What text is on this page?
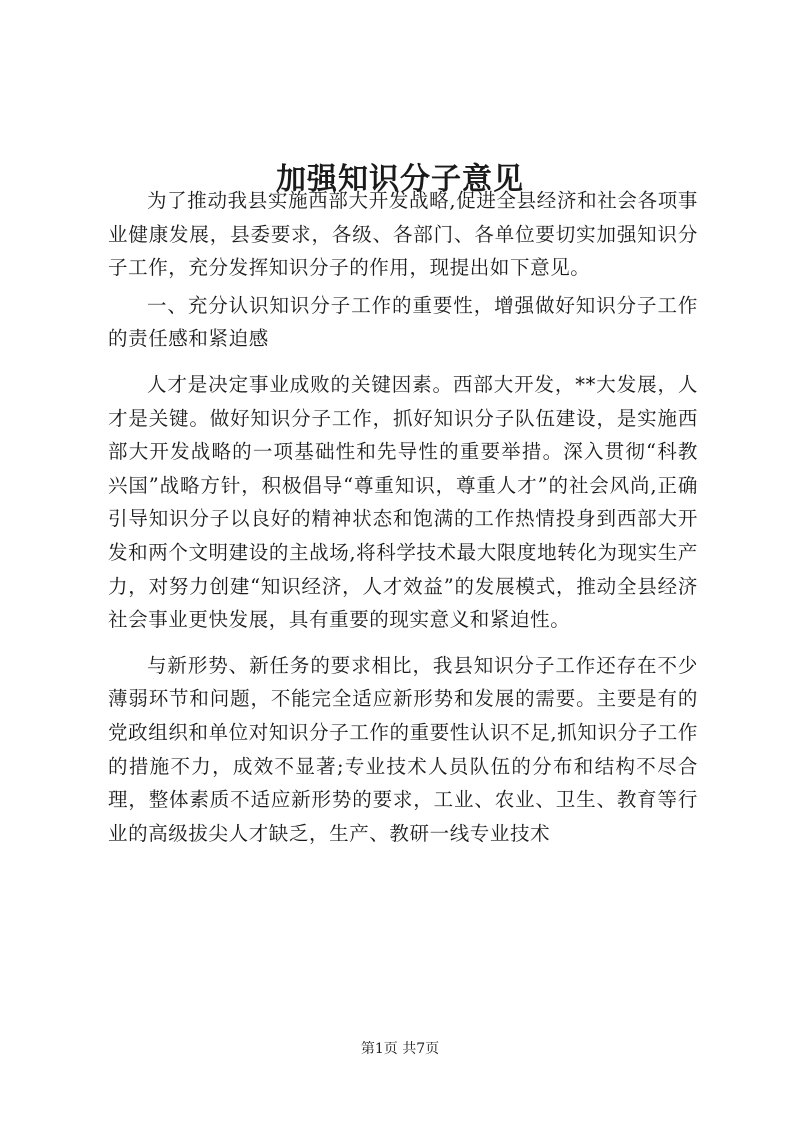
加强知识分子意见

为了推动我县实施西部大开发战略,促进全县经济和社会各项事业健康发展，县委要求，各级、各部门、各单位要切实加强知识分子工作，充分发挥知识分子的作用，现提出如下意见。

一、充分认识知识分子工作的重要性，增强做好知识分子工作的责任感和紧迫感

人才是决定事业成败的关键因素。西部大开发，**大发展，人才是关键。做好知识分子工作，抓好知识分子队伍建设，是实施西部大开发战略的一项基础性和先导性的重要举措。深入贯彻“科教兴国”战略方针，积极倡导“尊重知识，尊重人才”的社会风尚,正确引导知识分子以良好的精神状态和饱满的工作热情投身到西部大开发和两个文明建设的主战场,将科学技术最大限度地转化为现实生产力，对努力创建“知识经济，人才效益”的发展模式，推动全县经济社会事业更快发展，具有重要的现实意义和紧迫性。

与新形势、新任务的要求相比，我县知识分子工作还存在不少薄弱环节和问题，不能完全适应新形势和发展的需要。主要是有的党政组织和单位对知识分子工作的重要性认识不足,抓知识分子工作的措施不力，成效不显著;专业技术人员队伍的分布和结构不尽合理，整体素质不适应新形势的要求，工业、农业、卫生、教育等行业的高级拔尖人才缺乏，生产、教研一线专业技术

第1页 共7页
